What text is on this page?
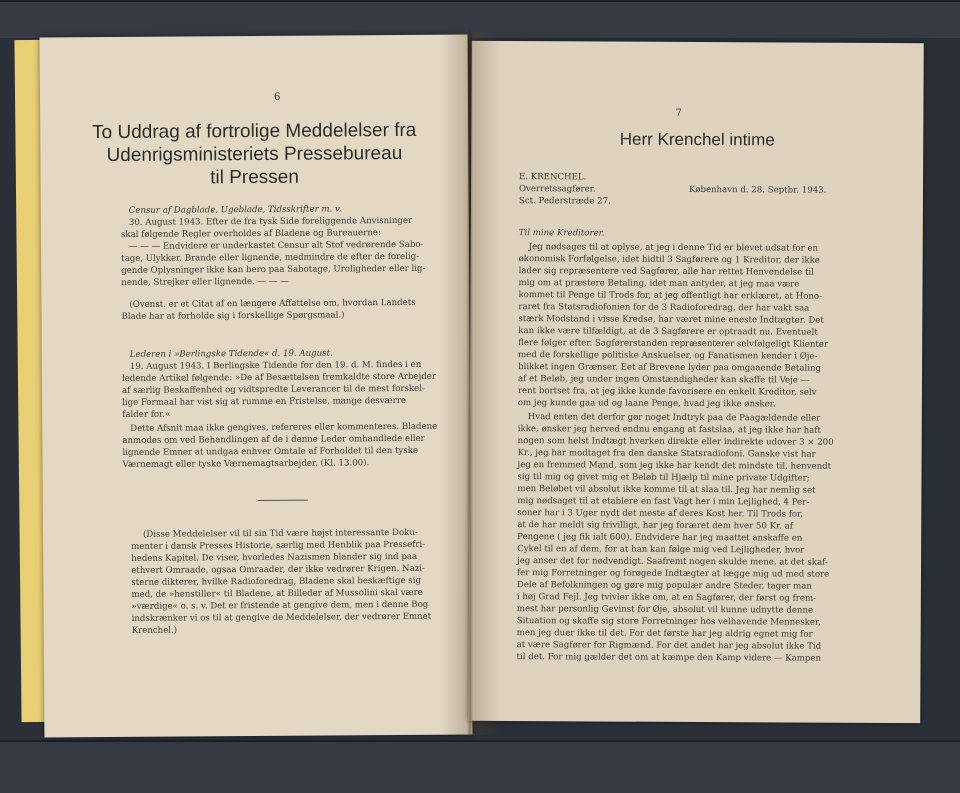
6
To Uddrag af fortrolige Meddelelser fra
Udenrigsministeriets Pressebureau
til Pressen
Censur af Dagblade, Ugeblade, Tidsskrifter m. v.
30. August 1943. Efter de fra tysk Side foreliggende Anvisninger
skal følgende Regler overholdes af Bladene og Bureauerne:
— — — Endvidere er underkastet Censur alt Stof vedrørende Sabo-
tage, Ulykker, Brande eller lignende, medmindre de efter de forelig-
gende Oplysninger ikke kan bero paa Sabotage, Uroligheder eller lig-
nende, Strejker eller lignende. — — —
(Ovenst. er et Citat af en længere Affattelse om, hvordan Landets
Blade har at forholde sig i forskellige Spørgsmaal.)
Lederen i »Berlingske Tidende« d. 19. August.
19. August 1943. I Berlingske Tidende for den 19. d. M. findes i en
ledende Artikel følgende: »De af Besættelsen fremkaldte store Arbejder
af særlig Beskaffenhed og vidtspredte Leverancer til de mest forskel-
lige Formaal har vist sig at rumme en Fristelse, mange desværre
falder for.«
Dette Afsnit maa ikke gengives, refereres eller kommenteres. Bladene
anmodes om ved Behandlingen af de i denne Leder omhandlede eller
lignende Emner at undgaa enhver Omtale af Forholdet til den tyske
Værnemagt eller tyske Værnemagtsarbejder. (Kl. 13.00).
(Disse Meddelelser vil til sin Tid være højst interessante Doku-
menter i dansk Presses Historie, særlig med Henblik paa Pressefri-
hedens Kapitel. De viser, hvorledes Nazismen blander sig ind paa
ethvert Omraade, ogsaa Omraader, der ikke vedrører Krigen. Nazi-
sterne dikterer, hvilke Radioforedrag, Bladene skal beskæftige sig
med, de »henstiller« til Bladene, at Billeder af Mussolini skal være
»værdige« o. s. v. Det er fristende at gengive dem, men i denne Bog
indskrænker vi os til at gengive de Meddelelser, der vedrører Emnet
Krenchel.)
7
Herr Krenchel intime
E. KRENCHEL.
Overretssagfører.	København d. 28. Septbr. 1943.
Sct. Pederstræde 27.
Til mine Kreditorer.
Jeg nødsages til at oplyse, at jeg i denne Tid er blevet udsat for en
økonomisk Forfølgelse, idet hidtil 3 Sagførere og 1 Kreditor, der ikke
lader sig repræsentere ved Sagfører, alle har rettet Henvendelse til
mig om at præstere Betaling, idet man antyder, at jeg maa være
kommet til Penge til Trods for, at jeg offentligt har erklæret, at Hono-
raret fra Statsradiofonien for de 3 Radioforedrag, der har vakt saa
stærk Modstand i visse Kredse, har været mine eneste Indtægter. Det
kan ikke være tilfældigt, at de 3 Sagførere er optraadt nu. Eventuelt
flere følger efter. Sagførerstanden repræsenterer selvfølgeligt Klienter
med de forskellige politiske Anskuelser, og Fanatismen kender i Øje-
blikket ingen Grænser. Eet af Brevene lyder paa omgaaende Betaling
af et Beløb, jeg under ingen Omstændigheder kan skaffe til Veje —
rent bortset fra, at jeg ikke kunde favorisere en enkelt Kreditor, selv
om jeg kunde gaa ud og laane Penge, hvad jeg ikke ønsker.
Hvad enten det derfor gør noget Indtryk paa de Paagældende eller
ikke, ønsker jeg herved endnu engang at fastslaa, at jeg ikke har haft
nogen som helst Indtægt hverken direkte eller indirekte udover 3 × 200
Kr., jeg har modtaget fra den danske Statsradiofoni. Ganske vist har
jeg en fremmed Mand, som jeg ikke har kendt det mindste til, henvendt
sig til mig og givet mig et Beløb til Hjælp til mine private Udgifter;
men Beløbet vil absolut ikke komme til at slaa til. Jeg har nemlig set
mig nødsaget til at etablere en fast Vagt her i min Lejlighed, 4 Per-
soner har i 3 Uger nydt det meste af deres Kost her. Til Trods for,
at de har meldt sig frivilligt, har jeg foræret dem hver 50 Kr. af
Pengene ( jeg fik ialt 600). Endvidere har jeg maattet anskaffe en
Cykel til en af dem, for at han kan følge mig ved Lejligheder, hvor
jeg anser det for nødvendigt. Saafremt nogen skulde mene, at det skaf-
fer mig Forretninger og forøgede Indtægter at lægge mig ud med store
Dele af Befolkningen og gøre mig populær andre Steder, tager man
i høj Grad Fejl. Jeg tvivler ikke om, at en Sagfører, der først og frem-
mest har personlig Gevinst for Øje, absolut vil kunne udnytte denne
Situation og skaffe sig store Forretninger hos velhavende Mennesker,
men jeg duer ikke til det. For det første har jeg aldrig egnet mig for
at være Sagfører for Rigmænd. For det andet har jeg absolut ikke Tid
til det. For mig gælder det om at kæmpe den Kamp videre — Kampen
